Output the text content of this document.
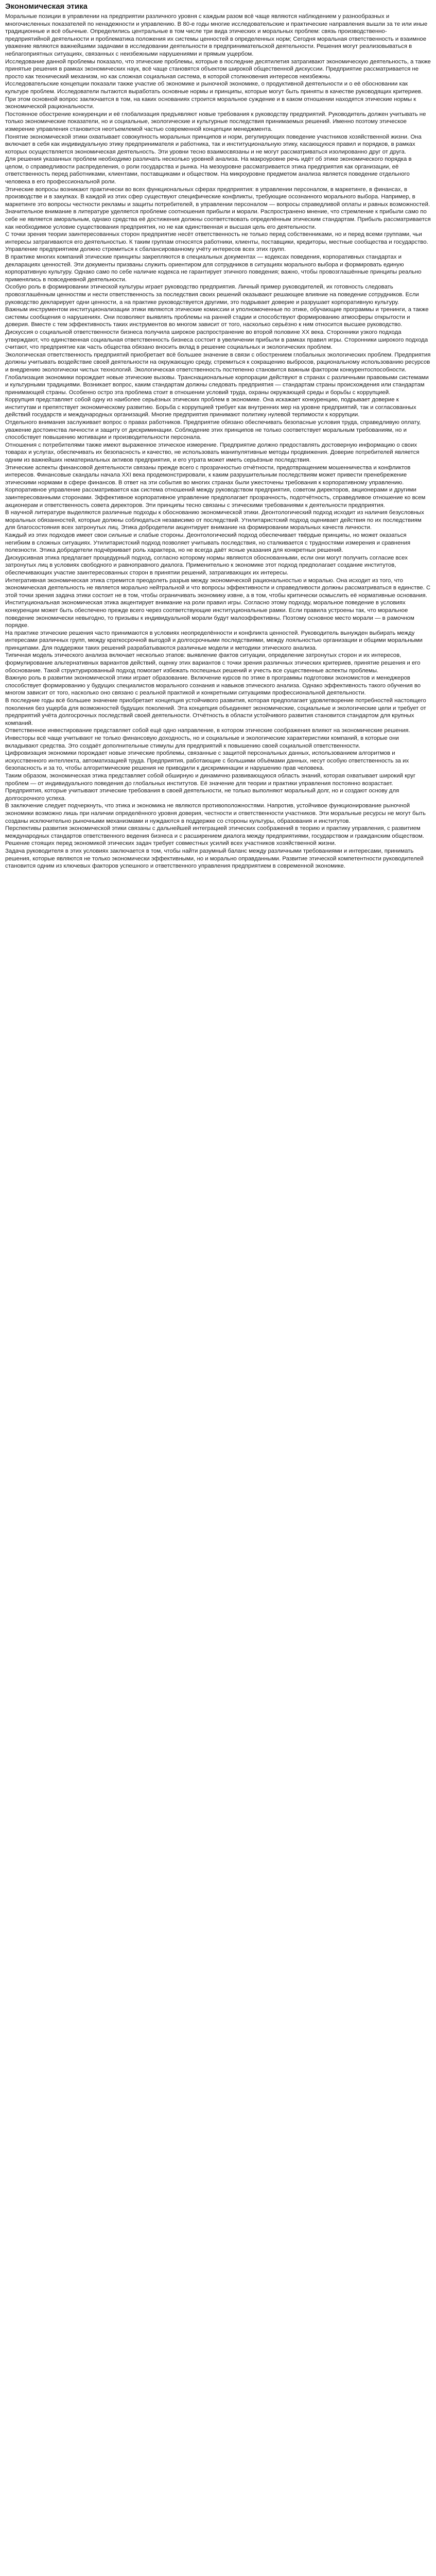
Экономическая этика

Моральные позиции в управлении на предприятии различного уровня с каждым разом всё чаще являются наблюдением у разнообразных и многочисленных показателей по ненадежности и управлению. В 80-е годы многие исследовательские и практические направления вышли за те или иные традиционные и всё обычные. Определились центральные в том числе три вида этических и моральных проблем: связь производственно-предприятийной деятельности и проблематика положения их системы ценностей в определенных норм; Сегодня моральная ответственность и взаимное уважение являются важнейшими задачами в исследовании деятельности в предпринимательской деятельности. Решения могут реализовываться в неблагоприятных ситуациях, связанных с неизбежными нарушениями и прямым ущербом.

Исследование данной проблемы показало, что этические проблемы, которые в последние десятилетия затрагивают экономическую деятельность, а также принятые решения в рамках экономических наук, всё чаще становятся объектом широкой общественной дискуссии. Предприятие рассматривается не просто как технический механизм, но как сложная социальная система, в которой столкновения интересов неизбежны.

Исследовательские концепции показали также участие об экономике и рыночной экономике, о продуктивной деятельности и о её обосновании как культуре проблем. Исследователи пытаются выработать основные нормы и принципы, которые могут быть приняты в качестве руководящих критериев. При этом основной вопрос заключается в том, на каких основаниях строится моральное суждение и в каком отношении находятся этические нормы к экономической рациональности.

Постоянное обострение конкуренции и её глобализация предъявляют новые требования к руководству предприятий. Руководитель должен учитывать не только экономические показатели, но и социальные, экологические и культурные последствия принимаемых решений. Именно поэтому этическое измерение управления становится неотъемлемой частью современной концепции менеджмента.

Понятие экономической этики охватывает совокупность моральных принципов и норм, регулирующих поведение участников хозяйственной жизни. Она включает в себя как индивидуальную этику предпринимателя и работника, так и институциональную этику, касающуюся правил и порядков, в рамках которых осуществляется экономическая деятельность. Эти уровни тесно взаимосвязаны и не могут рассматриваться изолированно друг от друга.

Для решения указанных проблем необходимо различать несколько уровней анализа. На макроуровне речь идёт об этике экономического порядка в целом, о справедливости распределения, о роли государства и рынка. На мезоуровне рассматривается этика предприятия как организации, её ответственность перед работниками, клиентами, поставщиками и обществом. На микроуровне предметом анализа является поведение отдельного человека в его профессиональной роли.

Этические вопросы возникают практически во всех функциональных сферах предприятия: в управлении персоналом, в маркетинге, в финансах, в производстве и в закупках. В каждой из этих сфер существуют специфические конфликты, требующие осознанного морального выбора. Например, в маркетинге это вопросы честности рекламы и защиты потребителей, в управлении персоналом — вопросы справедливой оплаты и равных возможностей.

Значительное внимание в литературе уделяется проблеме соотношения прибыли и морали. Распространено мнение, что стремление к прибыли само по себе не является аморальным, однако средства её достижения должны соответствовать определённым этическим стандартам. Прибыль рассматривается как необходимое условие существования предприятия, но не как единственная и высшая цель его деятельности.

С точки зрения теории заинтересованных сторон предприятие несёт ответственность не только перед собственниками, но и перед всеми группами, чьи интересы затрагиваются его деятельностью. К таким группам относятся работники, клиенты, поставщики, кредиторы, местные сообщества и государство. Управление предприятием должно стремиться к сбалансированному учёту интересов всех этих групп.

В практике многих компаний этические принципы закрепляются в специальных документах — кодексах поведения, корпоративных стандартах и декларациях ценностей. Эти документы призваны служить ориентиром для сотрудников в ситуациях морального выбора и формировать единую корпоративную культуру. Однако само по себе наличие кодекса не гарантирует этичного поведения; важно, чтобы провозглашённые принципы реально применялись в повседневной деятельности.

Особую роль в формировании этической культуры играет руководство предприятия. Личный пример руководителей, их готовность следовать провозглашённым ценностям и нести ответственность за последствия своих решений оказывают решающее влияние на поведение сотрудников. Если руководство декларирует одни ценности, а на практике руководствуется другими, это подрывает доверие и разрушает корпоративную культуру.

Важным инструментом институционализации этики являются этические комиссии и уполномоченные по этике, обучающие программы и тренинги, а также системы сообщения о нарушениях. Они позволяют выявлять проблемы на ранней стадии и способствуют формированию атмосферы открытости и доверия. Вместе с тем эффективность таких инструментов во многом зависит от того, насколько серьёзно к ним относится высшее руководство.

Дискуссия о социальной ответственности бизнеса получила широкое распространение во второй половине XX века. Сторонники узкого подхода утверждают, что единственная социальная ответственность бизнеса состоит в увеличении прибыли в рамках правил игры. Сторонники широкого подхода считают, что предприятие как часть общества обязано вносить вклад в решение социальных и экологических проблем.

Экологическая ответственность предприятий приобретает всё большее значение в связи с обострением глобальных экологических проблем. Предприятия должны учитывать воздействие своей деятельности на окружающую среду, стремиться к сокращению выбросов, рациональному использованию ресурсов и внедрению экологически чистых технологий. Экологическая ответственность постепенно становится важным фактором конкурентоспособности.

Глобализация экономики порождает новые этические вызовы. Транснациональные корпорации действуют в странах с различными правовыми системами и культурными традициями. Возникает вопрос, каким стандартам должны следовать предприятия — стандартам страны происхождения или стандартам принимающей страны. Особенно остро эта проблема стоит в отношении условий труда, охраны окружающей среды и борьбы с коррупцией.

Коррупция представляет собой одну из наиболее серьёзных этических проблем в экономике. Она искажает конкуренцию, подрывает доверие к институтам и препятствует экономическому развитию. Борьба с коррупцией требует как внутренних мер на уровне предприятий, так и согласованных действий государств и международных организаций. Многие предприятия принимают политику нулевой терпимости к коррупции.

Отдельного внимания заслуживает вопрос о правах работников. Предприятие обязано обеспечивать безопасные условия труда, справедливую оплату, уважение достоинства личности и защиту от дискриминации. Соблюдение этих принципов не только соответствует моральным требованиям, но и способствует повышению мотивации и производительности персонала.

Отношения с потребителями также имеют выраженное этическое измерение. Предприятие должно предоставлять достоверную информацию о своих товарах и услугах, обеспечивать их безопасность и качество, не использовать манипулятивные методы продвижения. Доверие потребителей является одним из важнейших нематериальных активов предприятия, и его утрата может иметь серьёзные последствия.

Этические аспекты финансовой деятельности связаны прежде всего с прозрачностью отчётности, предотвращением мошенничества и конфликтов интересов. Финансовые скандалы начала XXI века продемонстрировали, к каким разрушительным последствиям может привести пренебрежение этическими нормами в сфере финансов. В ответ на эти события во многих странах были ужесточены требования к корпоративному управлению.

Корпоративное управление рассматривается как система отношений между руководством предприятия, советом директоров, акционерами и другими заинтересованными сторонами. Эффективное корпоративное управление предполагает прозрачность, подотчётность, справедливое отношение ко всем акционерам и ответственность совета директоров. Эти принципы тесно связаны с этическими требованиями к деятельности предприятия.

В научной литературе выделяются различные подходы к обоснованию экономической этики. Деонтологический подход исходит из наличия безусловных моральных обязанностей, которые должны соблюдаться независимо от последствий. Утилитаристский подход оценивает действия по их последствиям для благосостояния всех затронутых лиц. Этика добродетели акцентирует внимание на формировании моральных качеств личности.

Каждый из этих подходов имеет свои сильные и слабые стороны. Деонтологический подход обеспечивает твёрдые принципы, но может оказаться негибким в сложных ситуациях. Утилитаристский подход позволяет учитывать последствия, но сталкивается с трудностями измерения и сравнения полезности. Этика добродетели подчёркивает роль характера, но не всегда даёт ясные указания для конкретных решений.

Дискурсивная этика предлагает процедурный подход, согласно которому нормы являются обоснованными, если они могут получить согласие всех затронутых лиц в условиях свободного и равноправного диалога. Применительно к экономике этот подход предполагает создание институтов, обеспечивающих участие заинтересованных сторон в принятии решений, затрагивающих их интересы.

Интегративная экономическая этика стремится преодолеть разрыв между экономической рациональностью и моралью. Она исходит из того, что экономическая деятельность не является морально нейтральной и что вопросы эффективности и справедливости должны рассматриваться в единстве. С этой точки зрения задача этики состоит не в том, чтобы ограничивать экономику извне, а в том, чтобы критически осмыслить её нормативные основания.

Институциональная экономическая этика акцентирует внимание на роли правил игры. Согласно этому подходу, моральное поведение в условиях конкуренции может быть обеспечено прежде всего через соответствующие институциональные рамки. Если правила устроены так, что моральное поведение экономически невыгодно, то призывы к индивидуальной морали будут малоэффективны. Поэтому основное место морали — в рамочном порядке.

На практике этические решения часто принимаются в условиях неопределённости и конфликта ценностей. Руководитель вынужден выбирать между интересами различных групп, между краткосрочной выгодой и долгосрочными последствиями, между лояльностью организации и общими моральными принципами. Для поддержки таких решений разрабатываются различные модели и методики этического анализа.

Типичная модель этического анализа включает несколько этапов: выявление фактов ситуации, определение затронутых сторон и их интересов, формулирование альтернативных вариантов действий, оценку этих вариантов с точки зрения различных этических критериев, принятие решения и его обоснование. Такой структурированный подход помогает избежать поспешных решений и учесть все существенные аспекты проблемы.

Важную роль в развитии экономической этики играет образование. Включение курсов по этике в программы подготовки экономистов и менеджеров способствует формированию у будущих специалистов морального сознания и навыков этического анализа. Однако эффективность такого обучения во многом зависит от того, насколько оно связано с реальной практикой и конкретными ситуациями профессиональной деятельности.

В последние годы всё большее значение приобретает концепция устойчивого развития, которая предполагает удовлетворение потребностей настоящего поколения без ущерба для возможностей будущих поколений. Эта концепция объединяет экономические, социальные и экологические цели и требует от предприятий учёта долгосрочных последствий своей деятельности. Отчётность в области устойчивого развития становится стандартом для крупных компаний.

Ответственное инвестирование представляет собой ещё одно направление, в котором этические соображения влияют на экономические решения. Инвесторы всё чаще учитывают не только финансовую доходность, но и социальные и экологические характеристики компаний, в которые они вкладывают средства. Это создаёт дополнительные стимулы для предприятий к повышению своей социальной ответственности.

Цифровизация экономики порождает новые этические проблемы, связанные с защитой персональных данных, использованием алгоритмов и искусственного интеллекта, автоматизацией труда. Предприятия, работающие с большими объёмами данных, несут особую ответственность за их безопасность и за то, чтобы алгоритмические решения не приводили к дискриминации и нарушению прав человека.

Таким образом, экономическая этика представляет собой обширную и динамично развивающуюся область знаний, которая охватывает широкий круг проблем — от индивидуального поведения до глобальных институтов. Её значение для теории и практики управления постоянно возрастает. Предприятия, которые учитывают этические требования в своей деятельности, не только выполняют моральный долг, но и создают основу для долгосрочного успеха.

В заключение следует подчеркнуть, что этика и экономика не являются противоположностями. Напротив, устойчивое функционирование рыночной экономики возможно лишь при наличии определённого уровня доверия, честности и ответственности участников. Эти моральные ресурсы не могут быть созданы исключительно рыночными механизмами и нуждаются в поддержке со стороны культуры, образования и институтов.

Перспективы развития экономической этики связаны с дальнейшей интеграцией этических соображений в теорию и практику управления, с развитием международных стандартов ответственного ведения бизнеса и с расширением диалога между предприятиями, государством и гражданским обществом. Решение стоящих перед экономикой этических задач требует совместных усилий всех участников хозяйственной жизни.

Задача руководителя в этих условиях заключается в том, чтобы найти разумный баланс между различными требованиями и интересами, принимать решения, которые являются не только экономически эффективными, но и морально оправданными. Развитие этической компетентности руководителей становится одним из ключевых факторов успешного и ответственного управления предприятием в современной экономике.
